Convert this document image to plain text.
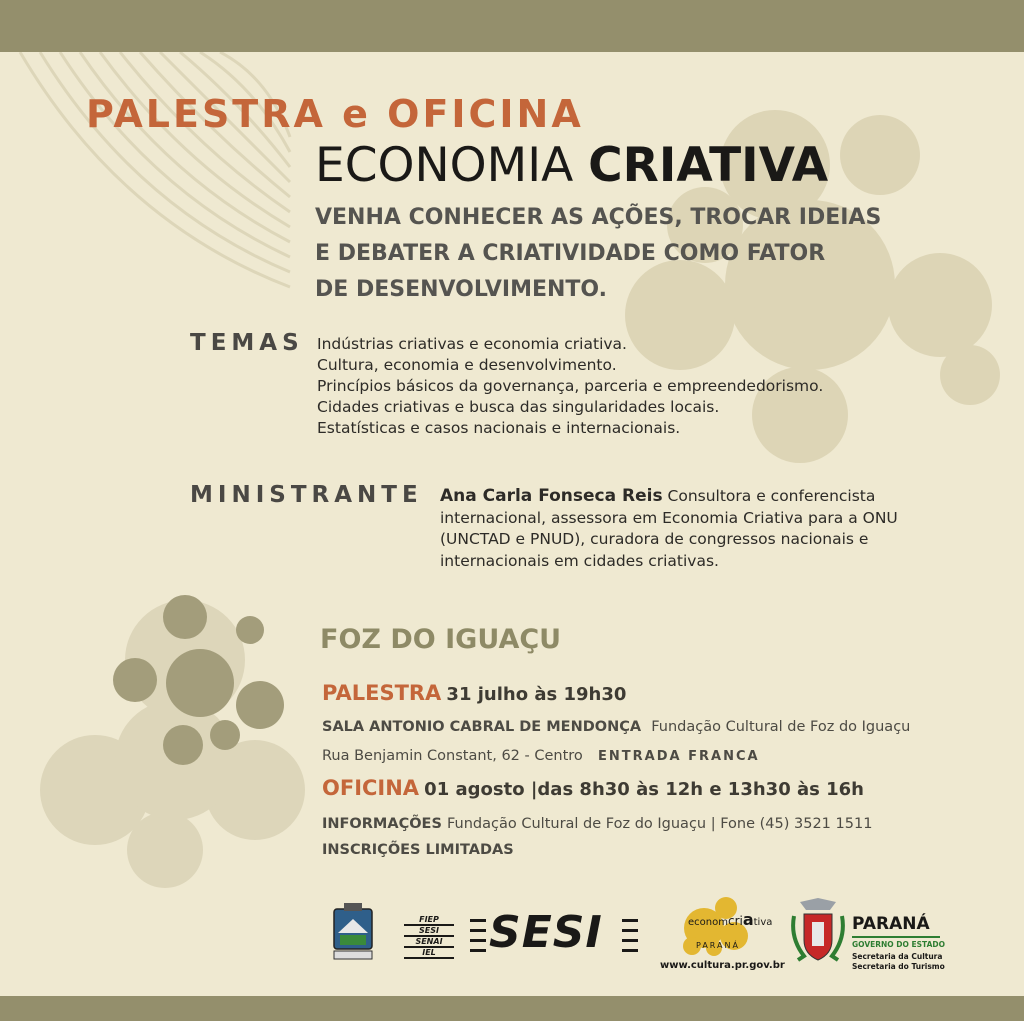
PALESTRA e OFICINA
ECONOMIA CRIATIVA
VENHA CONHECER AS AÇÕES, TROCAR IDEIAS
E DEBATER A CRIATIVIDADE COMO FATOR
DE DESENVOLVIMENTO.
TEMAS Indústrias criativas e economia criativa.
Cultura, economia e desenvolvimento.
Princípios básicos da governança, parceria e empreendedorismo.
Cidades criativas e busca das singularidades locais.
Estatísticas e casos nacionais e internacionais.
MINISTRANTE Ana Carla Fonseca Reis Consultora e conferencista
internacional, assessora em Economia Criativa para a ONU
(UNCTAD e PNUD), curadora de congressos nacionais e
internacionais em cidades criativas.
FOZ DO IGUAÇU
PALESTRA 31 julho às 19h30
SALA ANTONIO CABRAL DE MENDONÇA Fundação Cultural de Foz do Iguaçu
Rua Benjamin Constant, 62 - Centro ENTRADA FRANCA
OFICINA 01 agosto |das 8h30 às 12h e 13h30 às 16h
INFORMAÇÕES Fundação Cultural de Foz do Iguaçu | Fone (45) 3521 1511
INSCRIÇÕES LIMITADAS
FIEP
SESI
SENAI
IEL	SESI	economcriativa
PARANÁ
www.cultura.pr.gov.br
PARANÁ
GOVERNO DO ESTADO
Secretaria da Cultura
Secretaria do Turismo
